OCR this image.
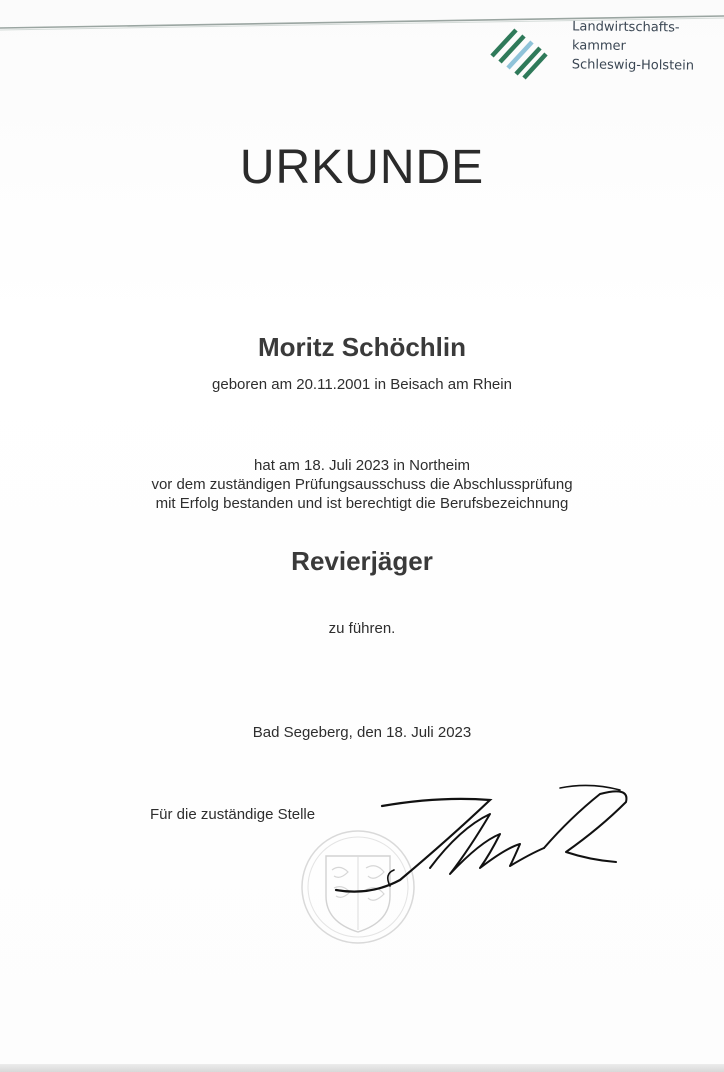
Landwirtschafts-
kammer
Schleswig-Holstein
URKUNDE
Moritz Schöchlin
geboren am 20.11.2001 in Beisach am Rhein
hat am 18. Juli 2023 in Northeim
vor dem zuständigen Prüfungsausschuss die Abschlussprüfung
mit Erfolg bestanden und ist berechtigt die Berufsbezeichnung
Revierjäger
zu führen.
Bad Segeberg, den 18. Juli 2023
Für die zuständige Stelle
